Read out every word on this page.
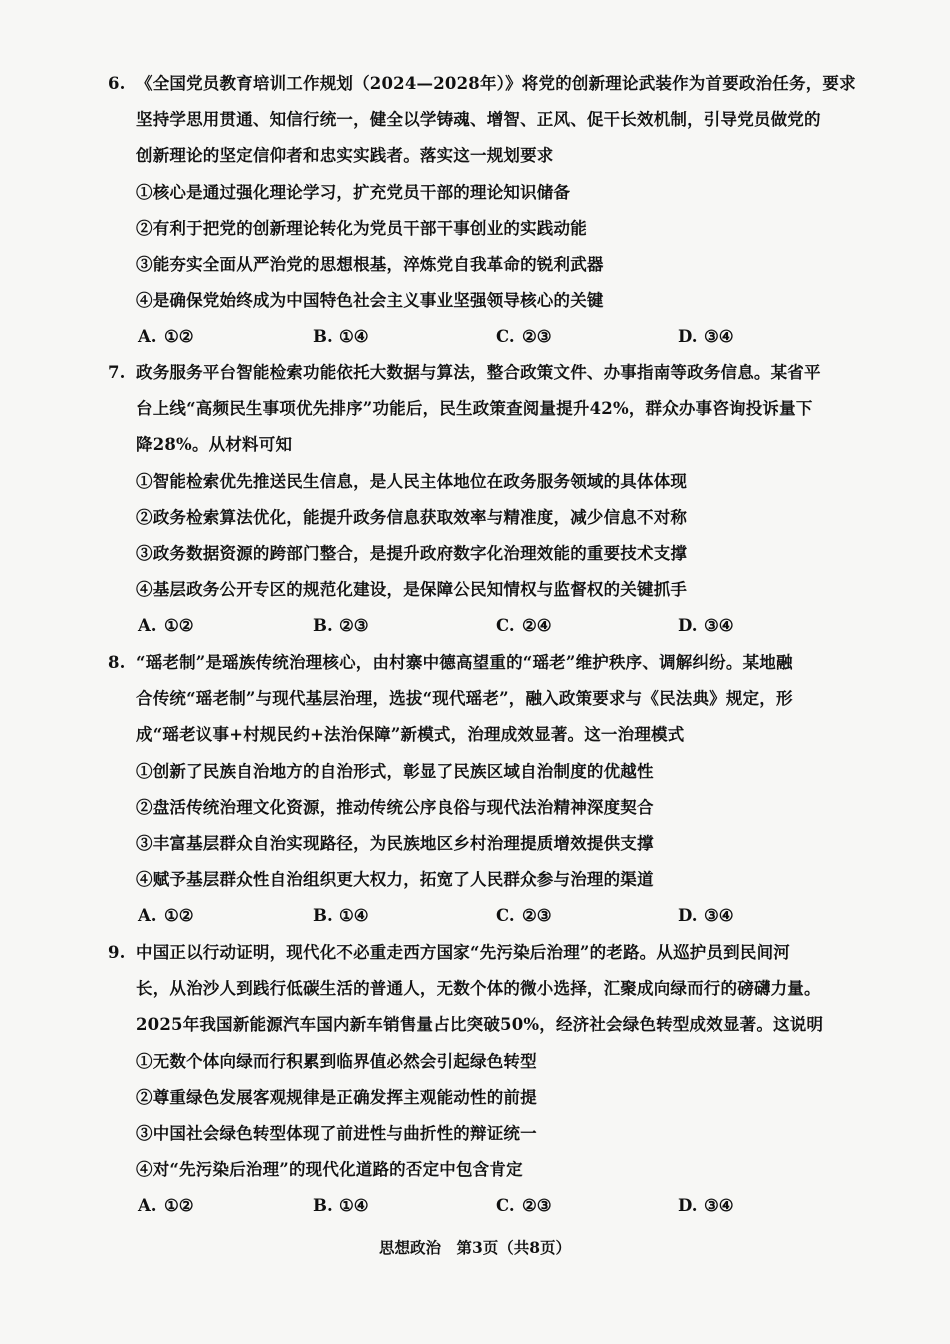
6. 《全国党员教育培训工作规划（2024—2028年）》将党的创新理论武装作为首要政治任务，要求
坚持学思用贯通、知信行统一，健全以学铸魂、增智、正风、促干长效机制，引导党员做党的
创新理论的坚定信仰者和忠实实践者。落实这一规划要求
①核心是通过强化理论学习，扩充党员干部的理论知识储备
②有利于把党的创新理论转化为党员干部干事创业的实践动能
③能夯实全面从严治党的思想根基，淬炼党自我革命的锐利武器
④是确保党始终成为中国特色社会主义事业坚强领导核心的关键
A. ①②	B. ①④	C. ②③	D. ③④
7. 政务服务平台智能检索功能依托大数据与算法，整合政策文件、办事指南等政务信息。某省平
台上线“高频民生事项优先排序”功能后，民生政策查阅量提升42%，群众办事咨询投诉量下
降28%。从材料可知
①智能检索优先推送民生信息，是人民主体地位在政务服务领域的具体体现
②政务检索算法优化，能提升政务信息获取效率与精准度，减少信息不对称
③政务数据资源的跨部门整合，是提升政府数字化治理效能的重要技术支撑
④基层政务公开专区的规范化建设，是保障公民知情权与监督权的关键抓手
A. ①②	B. ②③	C. ②④	D. ③④
8. “瑶老制”是瑶族传统治理核心，由村寨中德高望重的“瑶老”维护秩序、调解纠纷。某地融
合传统“瑶老制”与现代基层治理，选拔“现代瑶老”，融入政策要求与《民法典》规定，形
成“瑶老议事+村规民约+法治保障”新模式，治理成效显著。这一治理模式
①创新了民族自治地方的自治形式，彰显了民族区域自治制度的优越性
②盘活传统治理文化资源，推动传统公序良俗与现代法治精神深度契合
③丰富基层群众自治实现路径，为民族地区乡村治理提质增效提供支撑
④赋予基层群众性自治组织更大权力，拓宽了人民群众参与治理的渠道
A. ①②	B. ①④	C. ②③	D. ③④
9. 中国正以行动证明，现代化不必重走西方国家“先污染后治理”的老路。从巡护员到民间河
长，从治沙人到践行低碳生活的普通人，无数个体的微小选择，汇聚成向绿而行的磅礴力量。
2025年我国新能源汽车国内新车销售量占比突破50%，经济社会绿色转型成效显著。这说明
①无数个体向绿而行积累到临界值必然会引起绿色转型
②尊重绿色发展客观规律是正确发挥主观能动性的前提
③中国社会绿色转型体现了前进性与曲折性的辩证统一
④对“先污染后治理”的现代化道路的否定中包含肯定
A. ①②	B. ①④	C. ②③	D. ③④
思想政治　第3页（共8页）
